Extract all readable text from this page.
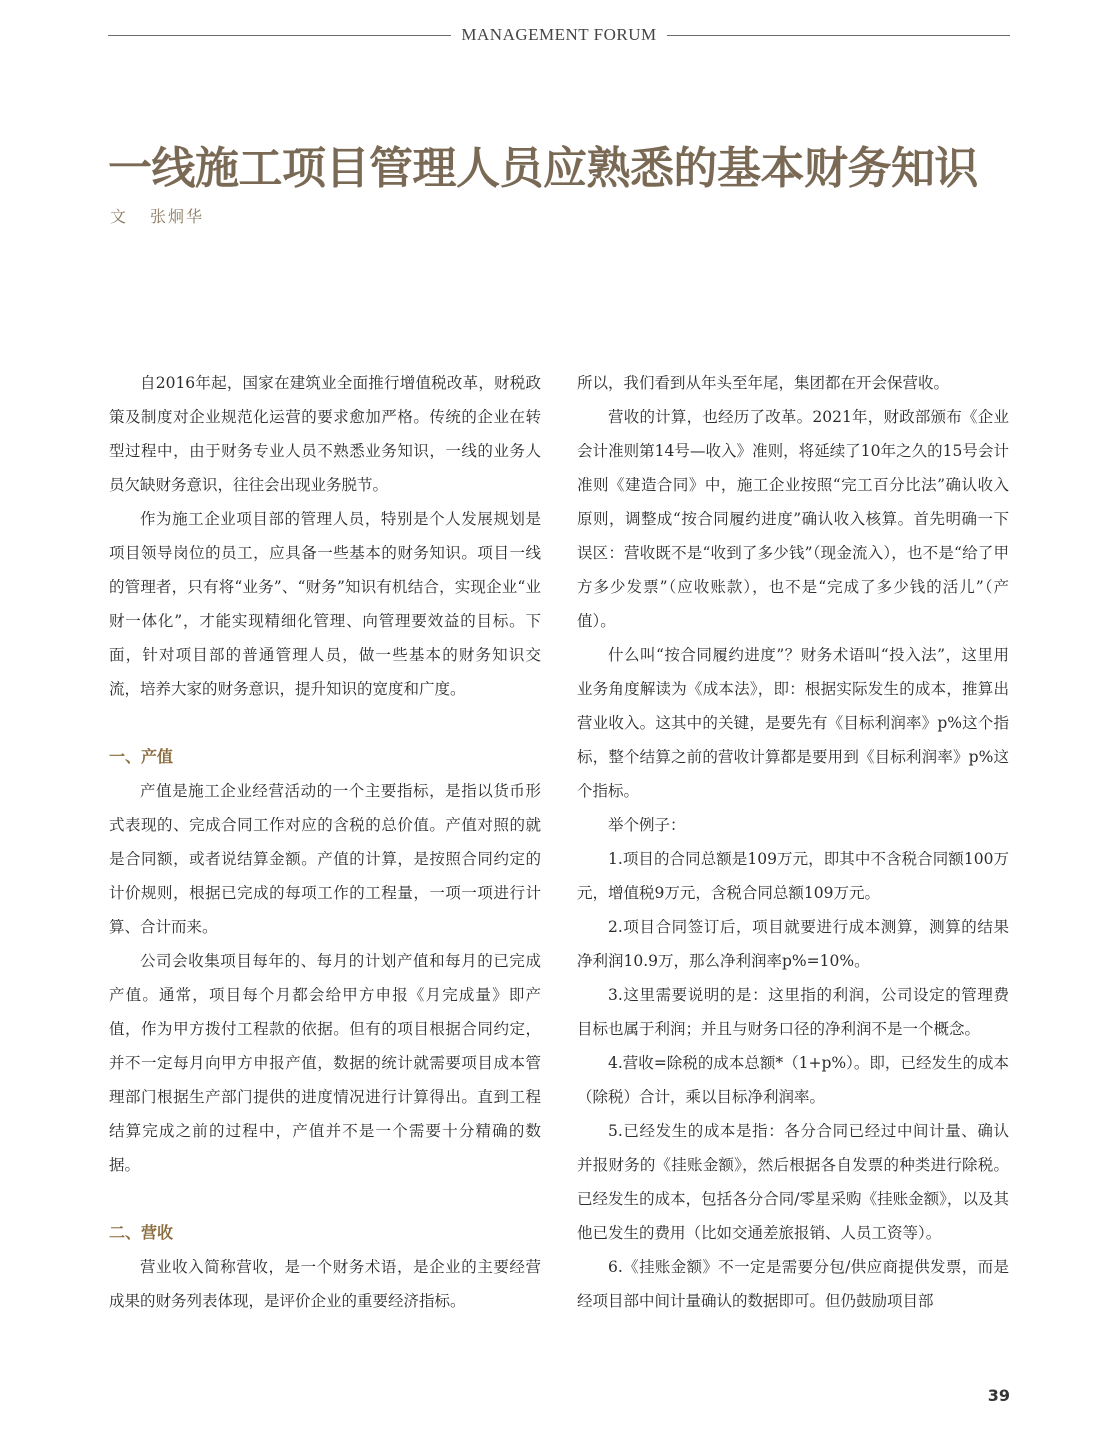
MANAGEMENT FORUM
一线施工项目管理人员应熟悉的基本财务知识
文 张炯华

自2016年起，国家在建筑业全面推行增值税改革，财税政策及制度对企业规范化运营的要求愈加严格。传统的企业在转型过程中，由于财务专业人员不熟悉业务知识，一线的业务人员欠缺财务意识，往往会出现业务脱节。

作为施工企业项目部的管理人员，特别是个人发展规划是项目领导岗位的员工，应具备一些基本的财务知识。项目一线的管理者，只有将“业务”、“财务”知识有机结合，实现企业“业财一体化”，才能实现精细化管理、向管理要效益的目标。下面，针对项目部的普通管理人员，做一些基本的财务知识交流，培养大家的财务意识，提升知识的宽度和广度。

一、产值

产值是施工企业经营活动的一个主要指标，是指以货币形式表现的、完成合同工作对应的含税的总价值。产值对照的就是合同额，或者说结算金额。产值的计算，是按照合同约定的计价规则，根据已完成的每项工作的工程量，一项一项进行计算、合计而来。

公司会收集项目每年的、每月的计划产值和每月的已完成产值。通常，项目每个月都会给甲方申报《月完成量》即产值，作为甲方拨付工程款的依据。但有的项目根据合同约定，并不一定每月向甲方申报产值，数据的统计就需要项目成本管理部门根据生产部门提供的进度情况进行计算得出。直到工程结算完成之前的过程中，产值并不是一个需要十分精确的数据。

二、营收

营业收入简称营收，是一个财务术语，是企业的主要经营成果的财务列表体现，是评价企业的重要经济指标。

所以，我们看到从年头至年尾，集团都在开会保营收。

营收的计算，也经历了改革。2021年，财政部颁布《企业会计准则第14号—收入》准则，将延续了10年之久的15号会计准则《建造合同》中，施工企业按照“完工百分比法”确认收入原则，调整成“按合同履约进度”确认收入核算。首先明确一下误区：营收既不是“收到了多少钱”（现金流入），也不是“给了甲方多少发票”（应收账款），也不是“完成了多少钱的活儿”（产值）。

什么叫“按合同履约进度”？财务术语叫“投入法”，这里用业务角度解读为《成本法》，即：根据实际发生的成本，推算出营业收入。这其中的关键，是要先有《目标利润率》p%这个指标，整个结算之前的营收计算都是要用到《目标利润率》p%这个指标。

举个例子：

1.项目的合同总额是109万元，即其中不含税合同额100万元，增值税9万元，含税合同总额109万元。

2.项目合同签订后，项目就要进行成本测算，测算的结果净利润10.9万，那么净利润率p%=10%。

3.这里需要说明的是：这里指的利润，公司设定的管理费目标也属于利润；并且与财务口径的净利润不是一个概念。

4.营收=除税的成本总额*（1+p%）。即，已经发生的成本（除税）合计，乘以目标净利润率。

5.已经发生的成本是指：各分合同已经过中间计量、确认并报财务的《挂账金额》，然后根据各自发票的种类进行除税。已经发生的成本，包括各分合同/零星采购《挂账金额》，以及其他已发生的费用（比如交通差旅报销、人员工资等）。

6.《挂账金额》不一定是需要分包/供应商提供发票，而是经项目部中间计量确认的数据即可。但仍鼓励项目部

39
